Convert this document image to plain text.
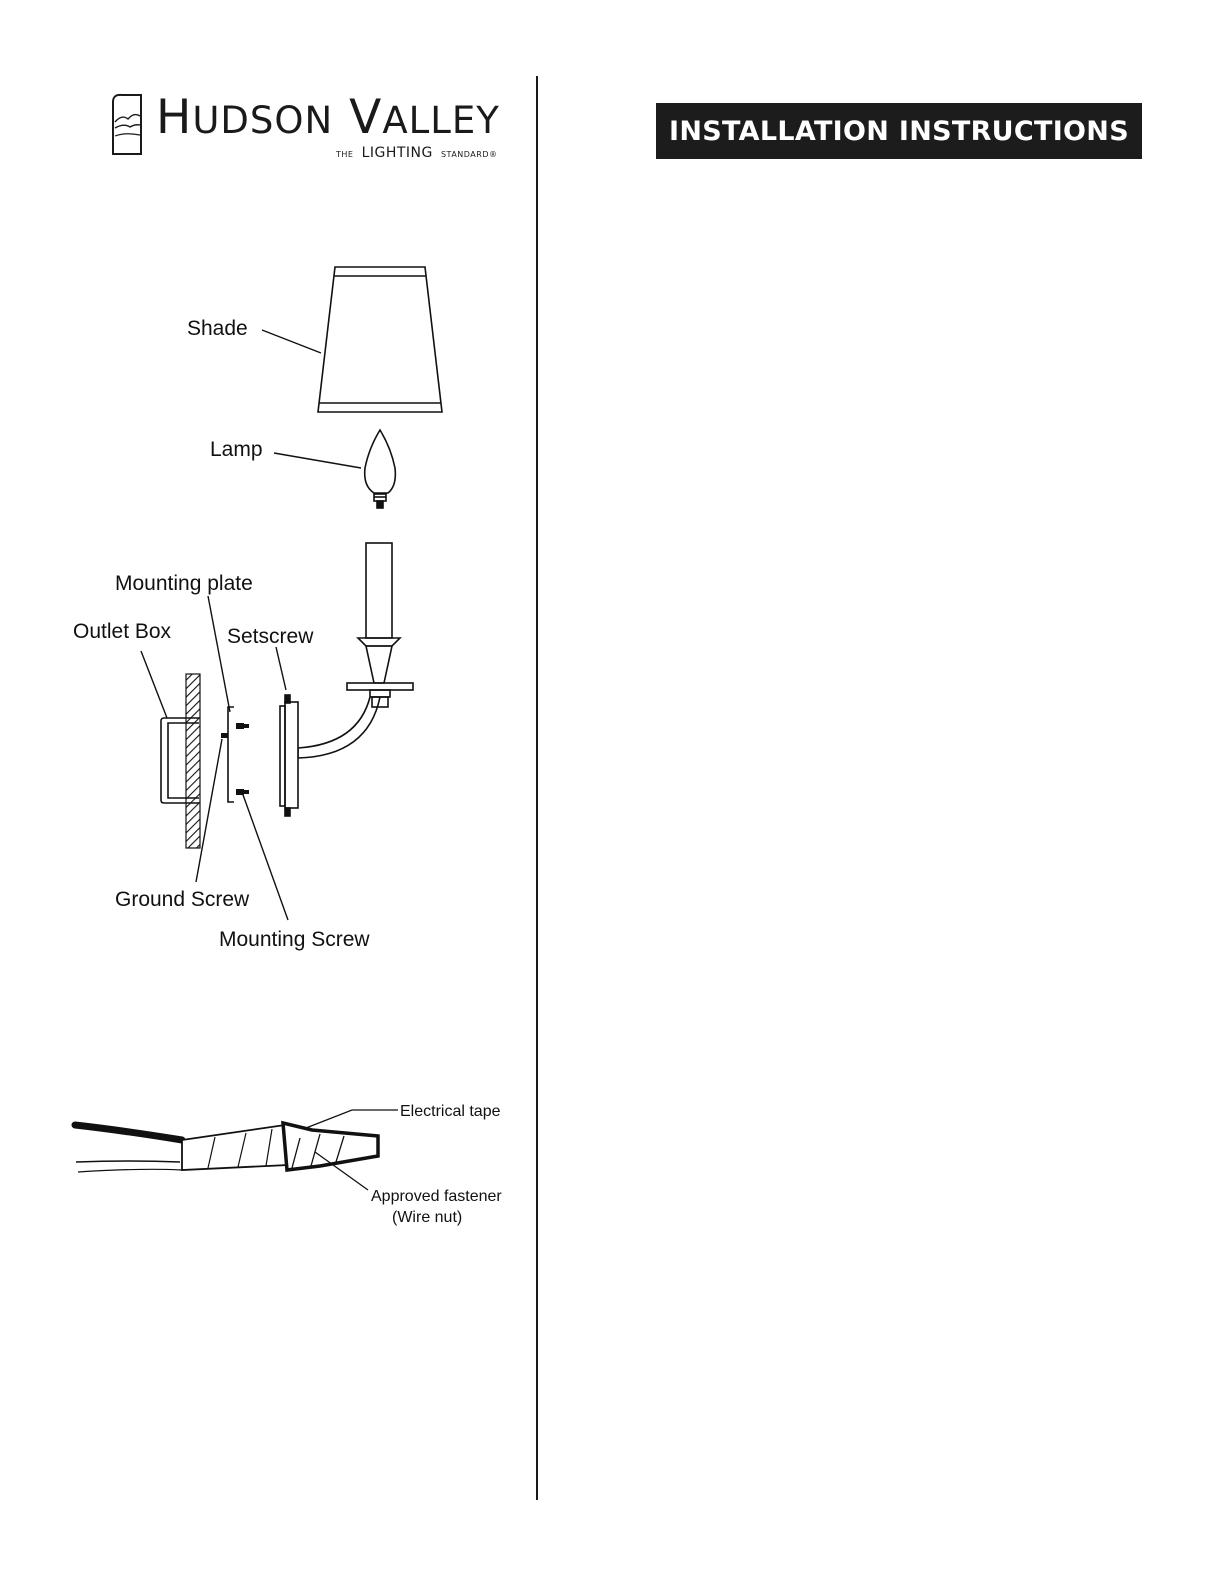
HUDSON VALLEY
THE LIGHTING STANDARD®
INSTALLATION INSTRUCTIONS
Shade
Lamp
Setscrew
Outlet Box
Mounting plate
Ground Screw
Mounting Screw
Electrical tape
Approved fastener
(Wire nut)
